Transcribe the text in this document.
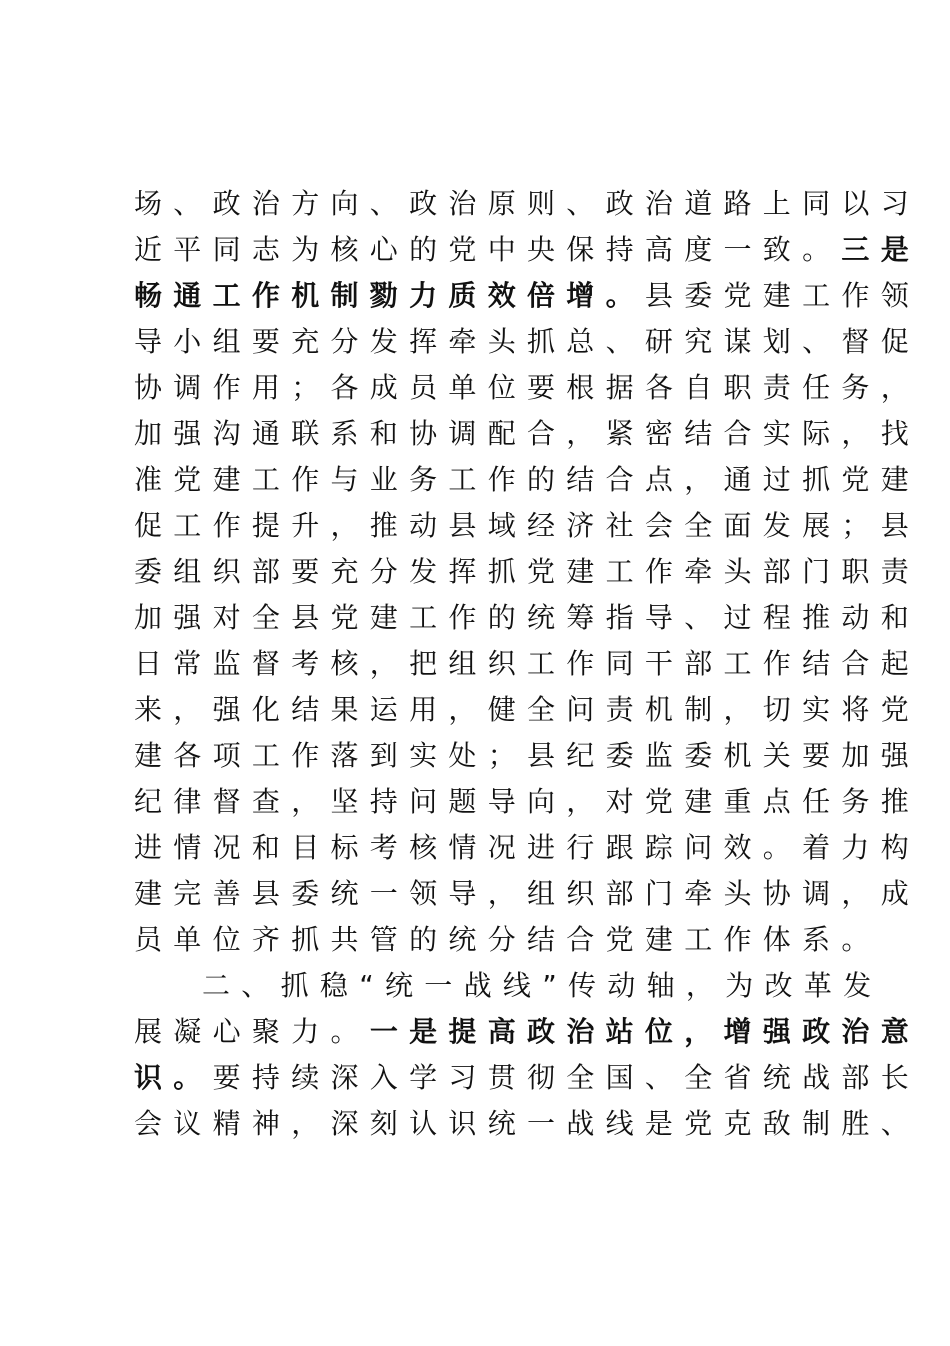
场、政治方向、政治原则、政治道路上同以习
近平同志为核心的党中央保持高度一致。三是
畅通工作机制勠力质效倍增。县委党建工作领
导小组要充分发挥牵头抓总、研究谋划、督促
协调作用；各成员单位要根据各自职责任务，
加强沟通联系和协调配合，紧密结合实际，找
准党建工作与业务工作的结合点，通过抓党建
促工作提升，推动县域经济社会全面发展；县
委组织部要充分发挥抓党建工作牵头部门职责
加强对全县党建工作的统筹指导、过程推动和
日常监督考核，把组织工作同干部工作结合起
来，强化结果运用，健全问责机制，切实将党
建各项工作落到实处；县纪委监委机关要加强
纪律督查，坚持问题导向，对党建重点任务推
进情况和目标考核情况进行跟踪问效。着力构
建完善县委统一领导，组织部门牵头协调，成
员单位齐抓共管的统分结合党建工作体系。
二、抓稳“统一战线”传动轴，为改革发
展凝心聚力。一是提高政治站位，增强政治意
识。要持续深入学习贯彻全国、全省统战部长
会议精神，深刻认识统一战线是党克敌制胜、
